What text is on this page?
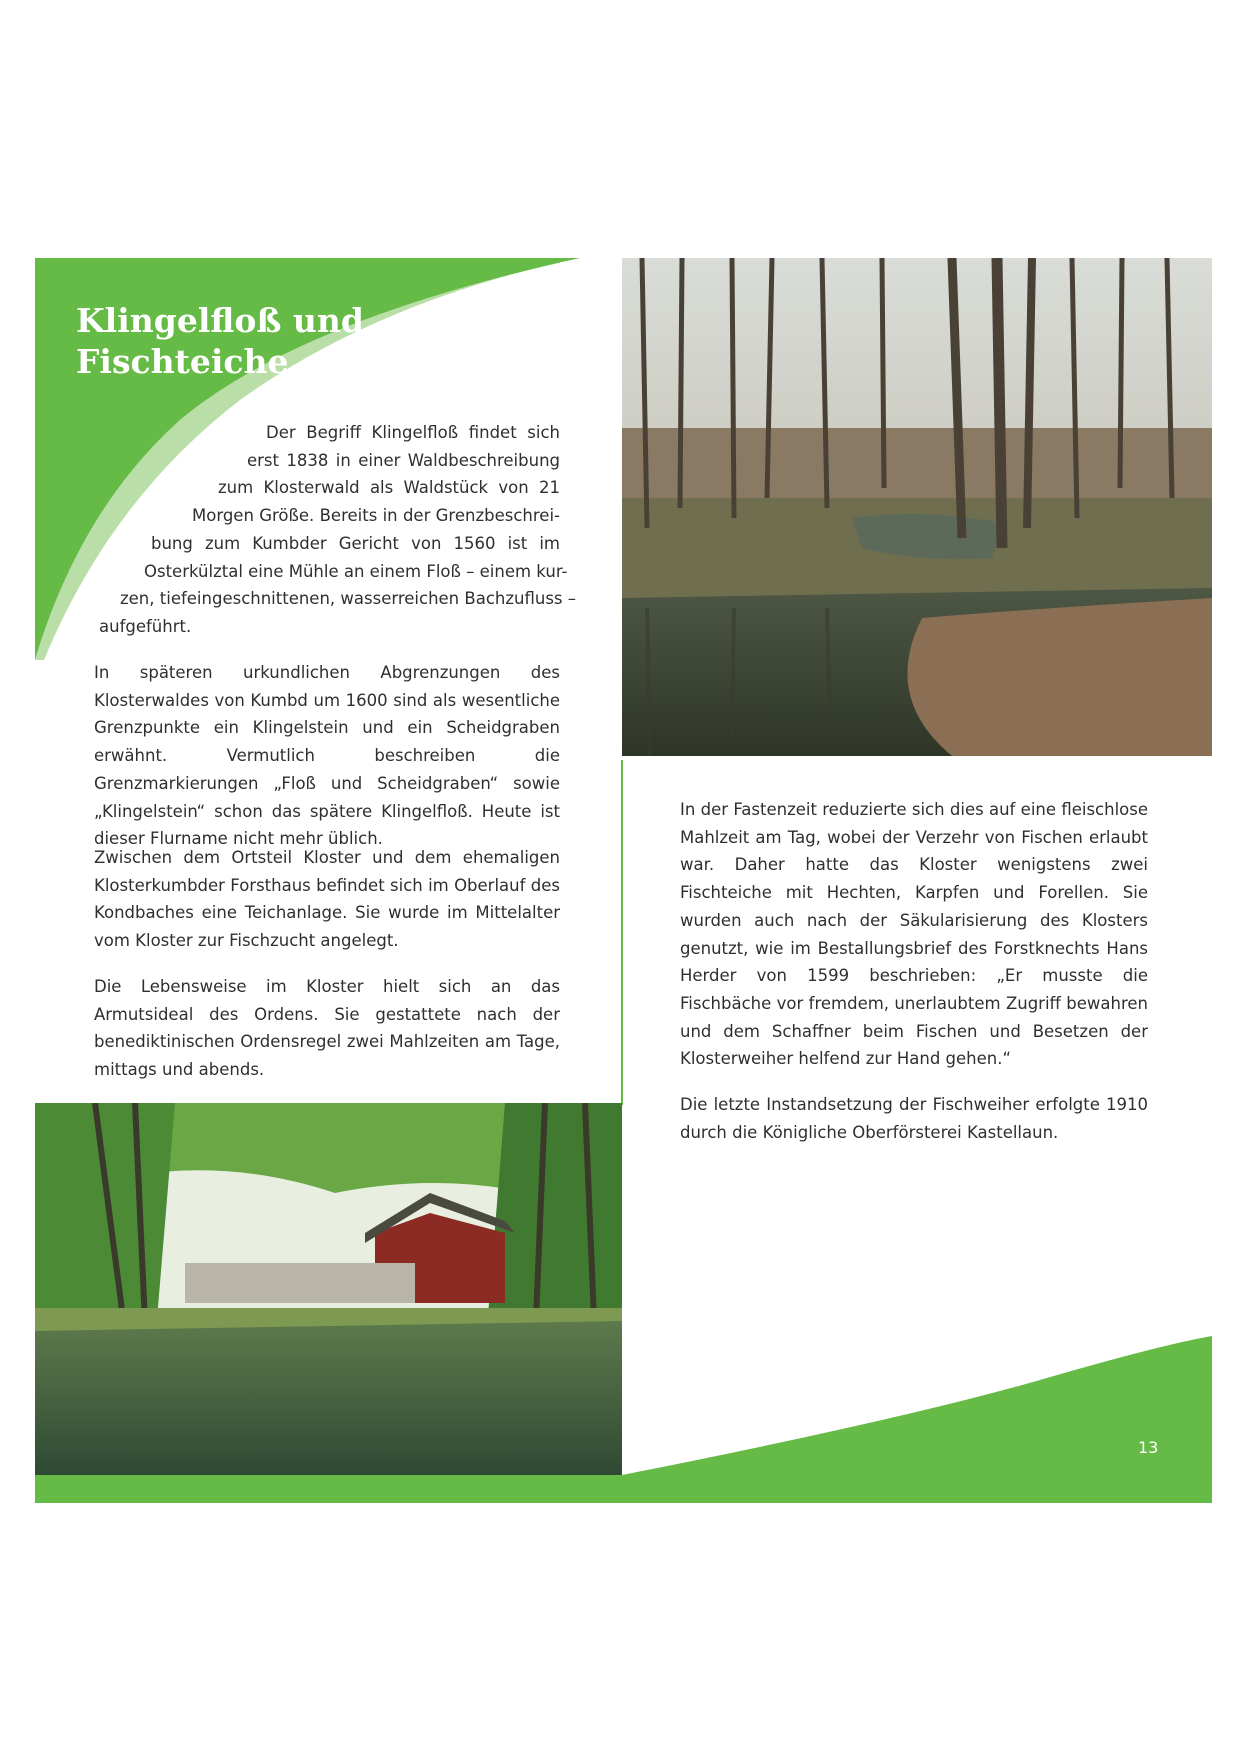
Klingelfloß und
Fischteiche
Der Begriff Klingelfloß findet sich
erst 1838 in einer Waldbeschreibung
zum Klosterwald als Waldstück von 21
Morgen Größe. Bereits in der Grenzbeschrei-
bung zum Kumbder Gericht von 1560 ist im
Osterkülztal eine Mühle an einem Floß – einem kur-
zen, tiefeingeschnittenen, wasserreichen Bachzufluss –
aufgeführt.

In späteren urkundlichen Abgrenzungen des Klosterwaldes von Kumbd um 1600 sind als wesentliche Grenzpunkte ein Klingelstein und ein Scheidgraben erwähnt. Vermutlich beschreiben die Grenzmarkierungen „Floß und Scheidgraben“ sowie „Klingelstein“ schon das spätere Klingelfloß. Heute ist dieser Flurname nicht mehr üblich.

Zwischen dem Ortsteil Kloster und dem ehemaligen Klosterkumbder Forsthaus befindet sich im Oberlauf des Kondbaches eine Teichanlage. Sie wurde im Mittelalter vom Kloster zur Fischzucht angelegt.

Die Lebensweise im Kloster hielt sich an das Armutsideal des Ordens. Sie gestattete nach der benediktinischen Ordensregel zwei Mahlzeiten am Tage, mittags und abends.

In der Fastenzeit reduzierte sich dies auf eine fleischlose Mahlzeit am Tag, wobei der Verzehr von Fischen erlaubt war. Daher hatte das Kloster wenigstens zwei Fischteiche mit Hechten, Karpfen und Forellen. Sie wurden auch nach der Säkularisierung des Klosters genutzt, wie im Bestallungsbrief des Forstknechts Hans Herder von 1599 beschrieben: „Er musste die Fischbäche vor fremdem, unerlaubtem Zugriff bewahren und dem Schaffner beim Fischen und Besetzen der Klosterweiher helfend zur Hand gehen.“

Die letzte Instandsetzung der Fischweiher erfolgte 1910 durch die Königliche Oberförsterei Kastellaun.

13
